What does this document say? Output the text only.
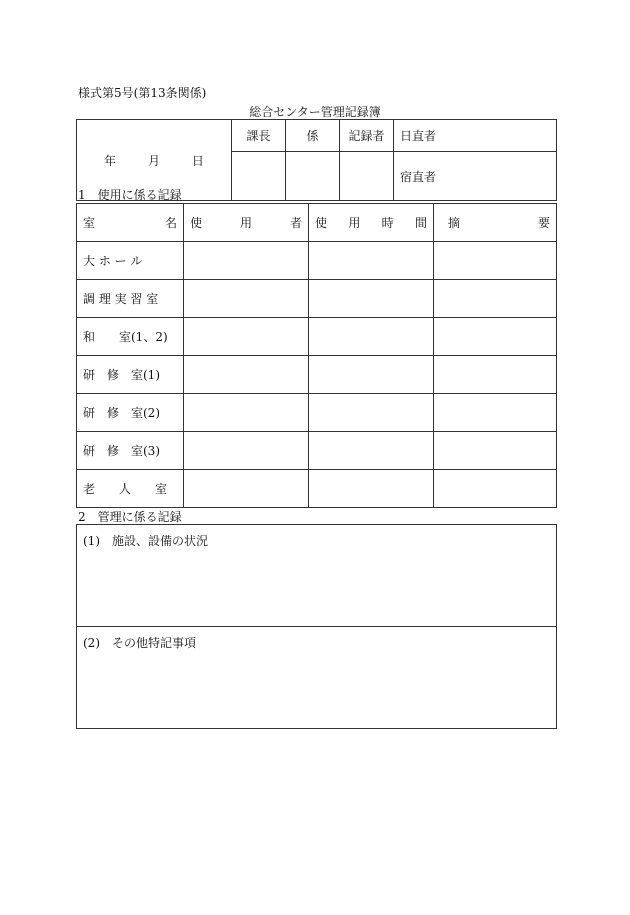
様式第5号(第13条関係)
総合センター管理記録簿
年 月 日	課長	係	記録者	日直者
				宿直者
1　使用に係る記録
室 名	使 用 者	使 用 時 間	摘 要

大 ホ ー ル			
調 理 実 習 室			
和　　室(1、2)			
研　修　室(1)			
研　修　室(2)			
研　修　室(3)			
老　　人　　室			
2　管理に係る記録
(1)　施設、設備の状況
(2)　その他特記事項
